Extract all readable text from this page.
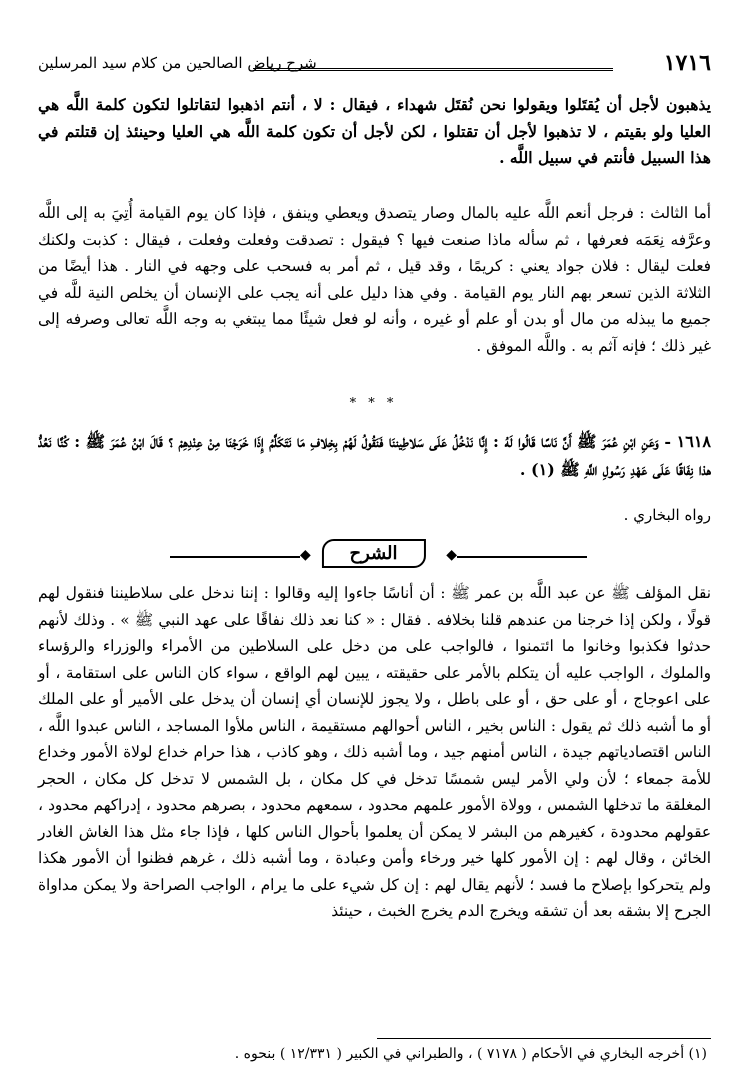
١٧١٦
شرح رياض الصالحين من كلام سيد المرسلين
يذهبون لأجل أن يُقتَلوا ويقولوا نحن نُقتَل شهداء ، فيقال : لا ، أنتم اذهبوا لتقاتلوا لتكون كلمة اللَّه هي العليا ولو بقيتم ، لا تذهبوا لأجل أن تقتلوا ، لكن لأجل أن تكون كلمة اللَّه هي العليا وحينئذ إن قتلتم في هذا السبيل فأنتم في سبيل اللَّه .
أما الثالث : فرجل أنعم اللَّه عليه بالمال وصار يتصدق ويعطي وينفق ، فإذا كان يوم القيامة أُتِيَ به إلى اللَّه وعرَّفه نِعَمَه فعرفها ، ثم سأله ماذا صنعت فيها ؟ فيقول : تصدقت وفعلت وفعلت ، فيقال : كذبت ولكنك فعلت ليقال : فلان جواد يعني : كريمًا ، وقد قيل ، ثم أمر به فسحب على وجهه في النار . هذا أيضًا من الثلاثة الذين تسعر بهم النار يوم القيامة . وفي هذا دليل على أنه يجب على الإنسان أن يخلص النية للَّه في جميع ما يبذله من مال أو بدن أو علم أو غيره ، وأنه لو فعل شيئًا مما يبتغي به وجه اللَّه تعالى وصرفه إلى غير ذلك ؛ فإنه آثم به . واللَّه الموفق .
* * *
١٦١٨ - وَعَنِ ابْنِ عُمَرَ ﷺ أَنَّ نَاسًا قَالُوا لَهُ : إِنَّا نَدْخُلُ عَلَى سَلاطِيننَا فَنَقُولُ لَهُمْ بِخِلافِ مَا نَتَكَلَّمُ إِذَا خَرَجْنَا مِنْ عِنْدِهِمْ ؟ قَالَ ابْنُ عُمَرَ ﷺ : كُنَّا نَعُدُّ هذا نِفَاقًا عَلَى عَهْدِ رَسُولِ اللَّهِ ﷺ (١) .
رواه البخاري .
◆
الشرح
◆
نقل المؤلف ﷺ عن عبد اللَّه بن عمر ﷺ : أن أناسًا جاءوا إليه وقالوا : إننا ندخل على سلاطيننا فنقول لهم قولًا ، ولكن إذا خرجنا من عندهم قلنا بخلافه . فقال : « كنا نعد ذلك نفاقًا على عهد النبي ﷺ » . وذلك لأنهم حدثوا فكذبوا وخانوا ما ائتمنوا ، فالواجب على من دخل على السلاطين من الأمراء والوزراء والرؤساء والملوك ، الواجب عليه أن يتكلم بالأمر على حقيقته ، يبين لهم الواقع ، سواء كان الناس على استقامة ، أو على اعوجاج ، أو على حق ، أو على باطل ، ولا يجوز للإنسان أي إنسان أن يدخل على الأمير أو على الملك أو ما أشبه ذلك ثم يقول : الناس بخير ، الناس أحوالهم مستقيمة ، الناس ملأوا المساجد ، الناس عبدوا اللَّه ، الناس اقتصادياتهم جيدة ، الناس أمنهم جيد ، وما أشبه ذلك ، وهو كاذب ، هذا حرام خداع لولاة الأمور وخداع للأمة جمعاء ؛ لأن ولي الأمر ليس شمسًا تدخل في كل مكان ، بل الشمس لا تدخل كل مكان ، الحجر المغلقة ما تدخلها الشمس ، وولاة الأمور علمهم محدود ، سمعهم محدود ، بصرهم محدود ، إدراكهم محدود ، عقولهم محدودة ، كغيرهم من البشر لا يمكن أن يعلموا بأحوال الناس كلها ، فإذا جاء مثل هذا الغاش الغادر الخائن ، وقال لهم : إن الأمور كلها خير ورخاء وأمن وعبادة ، وما أشبه ذلك ، غرهم فظنوا أن الأمور هكذا ولم يتحركوا بإصلاح ما فسد ؛ لأنهم يقال لهم : إن كل شيء على ما يرام ، الواجب الصراحة ولا يمكن مداواة الجرح إلا بشقه بعد أن تشقه ويخرج الدم يخرج الخبث ، حينئذ
(١) أخرجه البخاري في الأحكام ( ٧١٧٨ ) ، والطبراني في الكبير ( ١٢/٣٣١ ) بنحوه .
